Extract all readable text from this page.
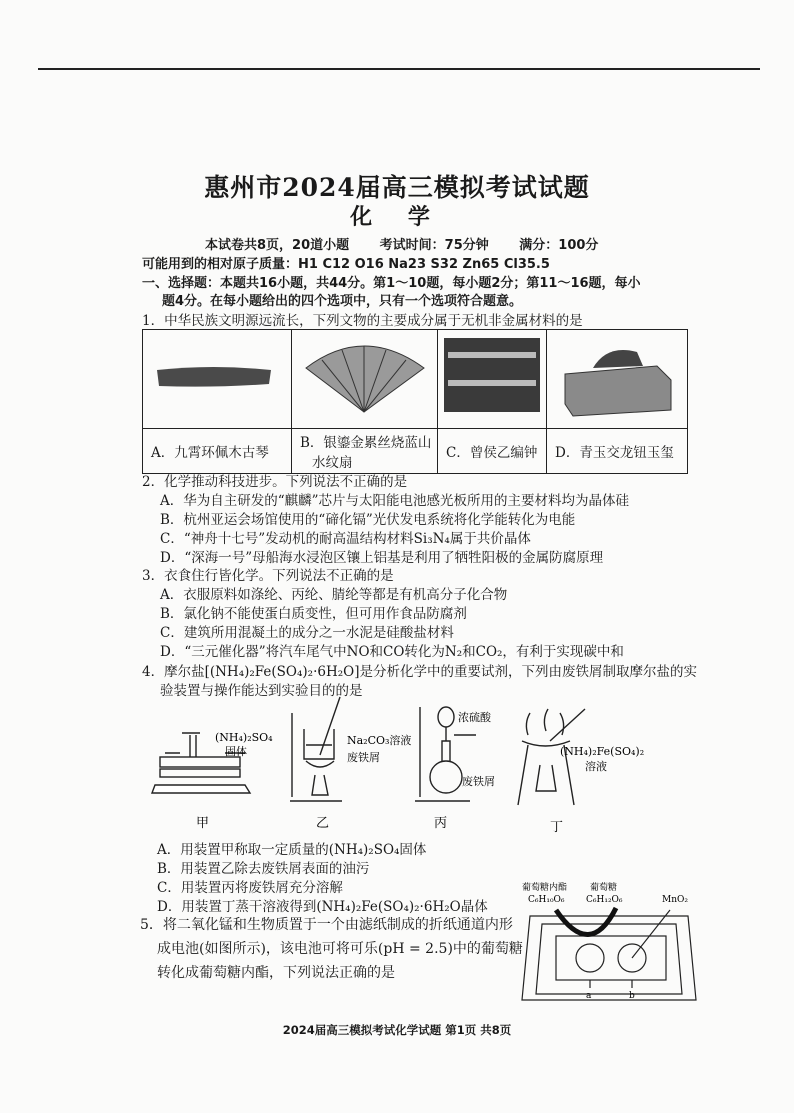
惠州市2024届高三模拟考试试题
化 学
本试卷共8页，20道小题 考试时间：75分钟 满分：100分
可能用到的相对原子质量：H1 C12 O16 Na23 S32 Zn65 Cl35.5
一、选择题：本题共16小题，共44分。第1～10题，每小题2分；第11～16题，每小
题4分。在每小题给出的四个选项中，只有一个选项符合题意。
1．中华民族文明源远流长，下列文物的主要成分属于无机非金属材料的是

A．九霄环佩木古琴	B．银鎏金累丝烧蓝山
水纹扇	C．曾侯乙编钟	D．青玉交龙钮玉玺
2．化学推动科技进步。下列说法不正确的是
A．华为自主研发的“麒麟”芯片与太阳能电池感光板所用的主要材料均为晶体硅
B．杭州亚运会场馆使用的“碲化镉”光伏发电系统将化学能转化为电能
C．“神舟十七号”发动机的耐高温结构材料Si₃N₄属于共价晶体
D．“深海一号”母船海水浸泡区镶上铝基是利用了牺牲阳极的金属防腐原理
3．衣食住行皆化学。下列说法不正确的是
A．衣服原料如涤纶、丙纶、腈纶等都是有机高分子化合物
B．氯化钠不能使蛋白质变性，但可用作食品防腐剂
C．建筑所用混凝土的成分之一水泥是硅酸盐材料
D．“三元催化器”将汽车尾气中NO和CO转化为N₂和CO₂，有利于实现碳中和
4．摩尔盐[(NH₄)₂Fe(SO₄)₂·6H₂O]是分析化学中的重要试剂，下列由废铁屑制取摩尔盐的实
验装置与操作能达到实验目的的是
(NH₄)₂SO₄
固体
Na₂CO₃溶液
废铁屑
浓硫酸
废铁屑
(NH₄)₂Fe(SO₄)₂
溶液
甲	乙	丙	丁
A．用装置甲称取一定质量的(NH₄)₂SO₄固体
B．用装置乙除去废铁屑表面的油污
C．用装置丙将废铁屑充分溶解
D．用装置丁蒸干溶液得到(NH₄)₂Fe(SO₄)₂·6H₂O晶体
5．将二氧化锰和生物质置于一个由滤纸制成的折纸通道内形
成电池(如图所示)，该电池可将可乐(pH = 2.5)中的葡萄糖
转化成葡萄糖内酯，下列说法正确的是
葡萄糖内酯
C₆H₁₀O₆
葡萄糖
C₆H₁₂O₆	MnO₂
a	b
2024届高三模拟考试化学试题 第1页 共8页
